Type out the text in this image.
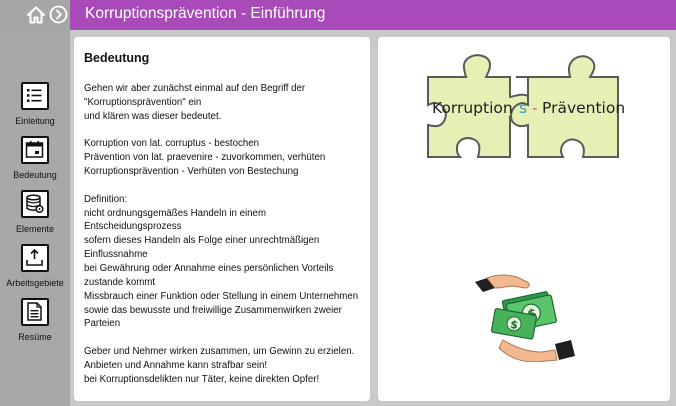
Korruptionsprävention - Einführung
Einleitung
Bedeutung
Elemente
Arbeitsgebiete
Resüme
Bedeutung
Gehen wir aber zunächst einmal auf den Begriff der
"Korruptionsprävention" ein
und klären was dieser bedeutet.
Korruption von lat. corruptus - bestochen
Prävention von lat. praevenire - zuvorkommen, verhüten
Korruptionsprävention - Verhüten von Bestechung
Definition:
nicht ordnungsgemäßes Handeln in einem
Entscheidungsprozess
sofern dieses Handeln als Folge einer unrechtmäßigen
Einflussnahme
bei Gewährung oder Annahme eines persönlichen Vorteils
zustande kommt
Missbrauch einer Funktion oder Stellung in einem Unternehmen
sowie das bewusste und freiwillige Zusammenwirken zweier
Parteien
Geber und Nehmer wirken zusammen, um Gewinn zu erzielen.
Anbieten und Annahme kann strafbar sein!
bei Korruptionsdelikten nur Täter, keine direkten Opfer!
Korruption s - Prävention
$
